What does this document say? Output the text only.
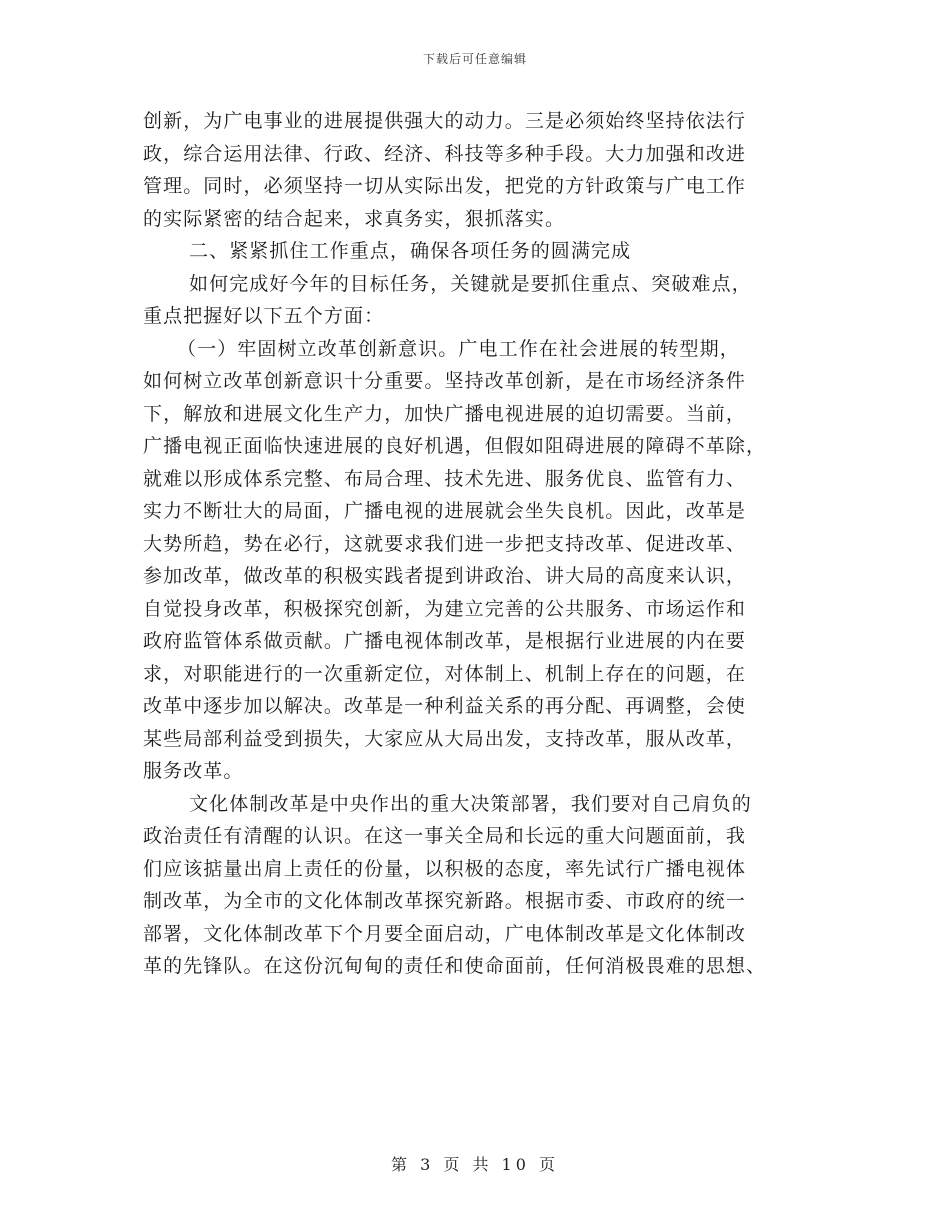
下载后可任意编辑
创新，为广电事业的进展提供强大的动力。三是必须始终坚持依法行
政，综合运用法律、行政、经济、科技等多种手段。大力加强和改进
管理。同时，必须坚持一切从实际出发，把党的方针政策与广电工作
的实际紧密的结合起来，求真务实，狠抓落实。
二、紧紧抓住工作重点，确保各项任务的圆满完成
如何完成好今年的目标任务，关键就是要抓住重点、突破难点，
重点把握好以下五个方面：
（一）牢固树立改革创新意识。广电工作在社会进展的转型期，
如何树立改革创新意识十分重要。坚持改革创新，是在市场经济条件
下，解放和进展文化生产力，加快广播电视进展的迫切需要。当前，
广播电视正面临快速进展的良好机遇，但假如阻碍进展的障碍不革除，
就难以形成体系完整、布局合理、技术先进、服务优良、监管有力、
实力不断壮大的局面，广播电视的进展就会坐失良机。因此，改革是
大势所趋，势在必行，这就要求我们进一步把支持改革、促进改革、
参加改革，做改革的积极实践者提到讲政治、讲大局的高度来认识，
自觉投身改革，积极探究创新，为建立完善的公共服务、市场运作和
政府监管体系做贡献。广播电视体制改革，是根据行业进展的内在要
求，对职能进行的一次重新定位，对体制上、机制上存在的问题，在
改革中逐步加以解决。改革是一种利益关系的再分配、再调整，会使
某些局部利益受到损失，大家应从大局出发，支持改革，服从改革，
服务改革。
文化体制改革是中央作出的重大决策部署，我们要对自己肩负的
政治责任有清醒的认识。在这一事关全局和长远的重大问题面前，我
们应该掂量出肩上责任的份量，以积极的态度，率先试行广播电视体
制改革，为全市的文化体制改革探究新路。根据市委、市政府的统一
部署，文化体制改革下个月要全面启动，广电体制改革是文化体制改
革的先锋队。在这份沉甸甸的责任和使命面前，任何消极畏难的思想、
第 3 页 共 10 页
